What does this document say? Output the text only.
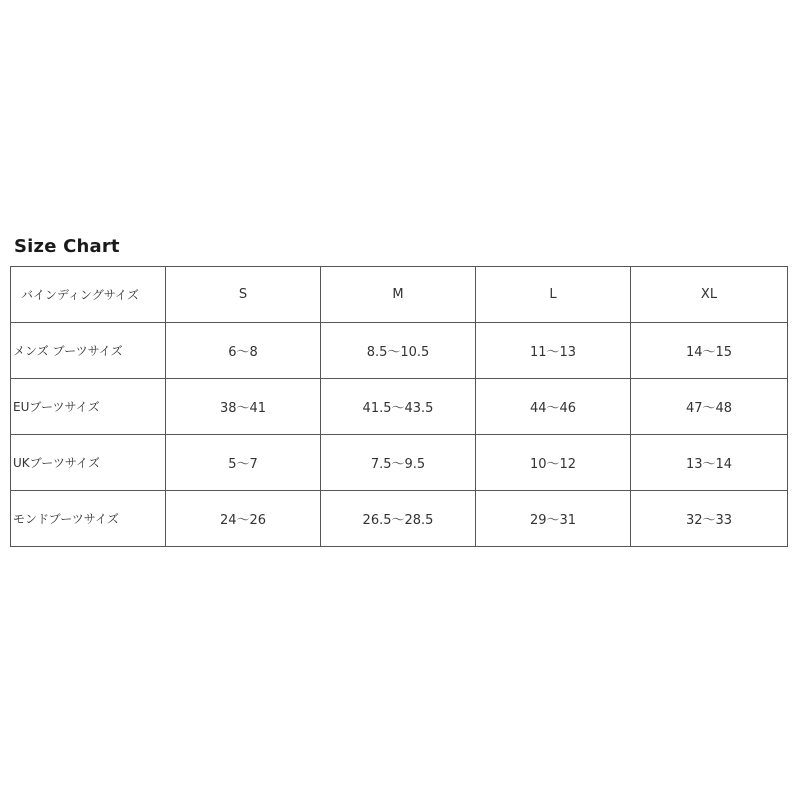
Size Chart
バインディングサイズ	S	M	L	XL
メンズ ブーツサイズ	6〜8	8.5〜10.5	11〜13	14〜15
EUブーツサイズ	38〜41	41.5〜43.5	44〜46	47〜48
UKブーツサイズ	5〜7	7.5〜9.5	10〜12	13〜14
モンドブーツサイズ	24〜26	26.5〜28.5	29〜31	32〜33
